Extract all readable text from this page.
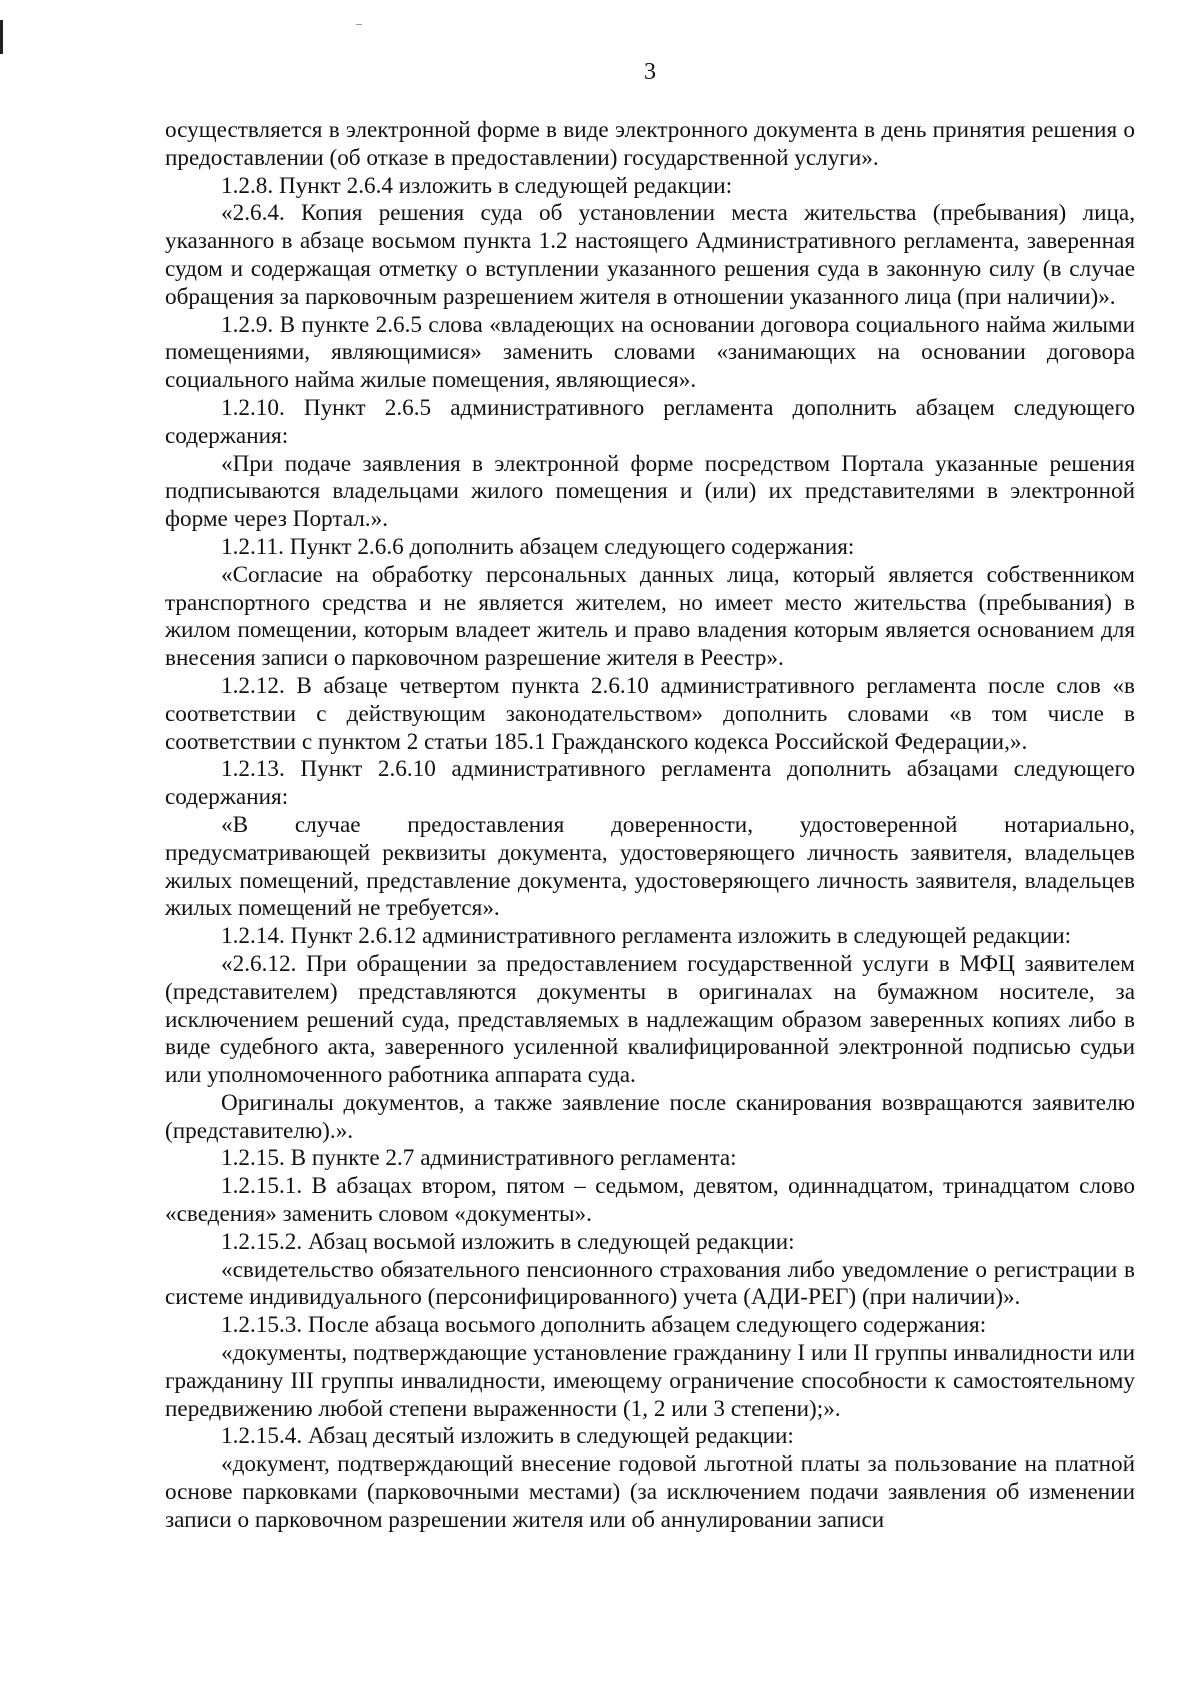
3

осуществляется в электронной форме в виде электронного документа в день принятия решения о предоставлении (об отказе в предоставлении) государственной услуги».

1.2.8. Пункт 2.6.4 изложить в следующей редакции:

«2.6.4. Копия решения суда об установлении места жительства (пребывания) лица, указанного в абзаце восьмом пункта 1.2 настоящего Административного регламента, заверенная судом и содержащая отметку о вступлении указанного решения суда в законную силу (в случае обращения за парковочным разрешением жителя в отношении указанного лица (при наличии)».

1.2.9. В пункте 2.6.5 слова «владеющих на основании договора социального найма жилыми помещениями, являющимися» заменить словами «занимающих на основании договора социального найма жилые помещения, являющиеся».

1.2.10. Пункт 2.6.5 административного регламента дополнить абзацем следующего содержания:

«При подаче заявления в электронной форме посредством Портала указанные решения подписываются владельцами жилого помещения и (или) их представителями в электронной форме через Портал.».

1.2.11. Пункт 2.6.6 дополнить абзацем следующего содержания:

«Согласие на обработку персональных данных лица, который является собственником транспортного средства и не является жителем, но имеет место жительства (пребывания) в жилом помещении, которым владеет житель и право владения которым является основанием для внесения записи о парковочном разрешение жителя в Реестр».

1.2.12. В абзаце четвертом пункта 2.6.10 административного регламента после слов «в соответствии с действующим законодательством» дополнить словами «в том числе в соответствии с пунктом 2 статьи 185.1 Гражданского кодекса Российской Федерации,».

1.2.13. Пункт 2.6.10 административного регламента дополнить абзацами следующего содержания:

«В случае предоставления доверенности, удостоверенной нотариально, предусматривающей реквизиты документа, удостоверяющего личность заявителя, владельцев жилых помещений, представление документа, удостоверяющего личность заявителя, владельцев жилых помещений не требуется».

1.2.14. Пункт 2.6.12 административного регламента изложить в следующей редакции:

«2.6.12. При обращении за предоставлением государственной услуги в МФЦ заявителем (представителем) представляются документы в оригиналах на бумажном носителе, за исключением решений суда, представляемых в надлежащим образом заверенных копиях либо в виде судебного акта, заверенного усиленной квалифицированной электронной подписью судьи или уполномоченного работника аппарата суда.

Оригиналы документов, а также заявление после сканирования возвращаются заявителю (представителю).».

1.2.15. В пункте 2.7 административного регламента:

1.2.15.1. В абзацах втором, пятом – седьмом, девятом, одиннадцатом, тринадцатом слово «сведения» заменить словом «документы».

1.2.15.2. Абзац восьмой изложить в следующей редакции:

«свидетельство обязательного пенсионного страхования либо уведомление о регистрации в системе индивидуального (персонифицированного) учета (АДИ-РЕГ) (при наличии)».

1.2.15.3. После абзаца восьмого дополнить абзацем следующего содержания:

«документы, подтверждающие установление гражданину I или II группы инвалидности или гражданину III группы инвалидности, имеющему ограничение способности к самостоятельному передвижению любой степени выраженности (1, 2 или 3 степени);».

1.2.15.4. Абзац десятый изложить в следующей редакции:

«документ, подтверждающий внесение годовой льготной платы за пользование на платной основе парковками (парковочными местами) (за исключением подачи заявления об изменении записи о парковочном разрешении жителя или об аннулировании записи
